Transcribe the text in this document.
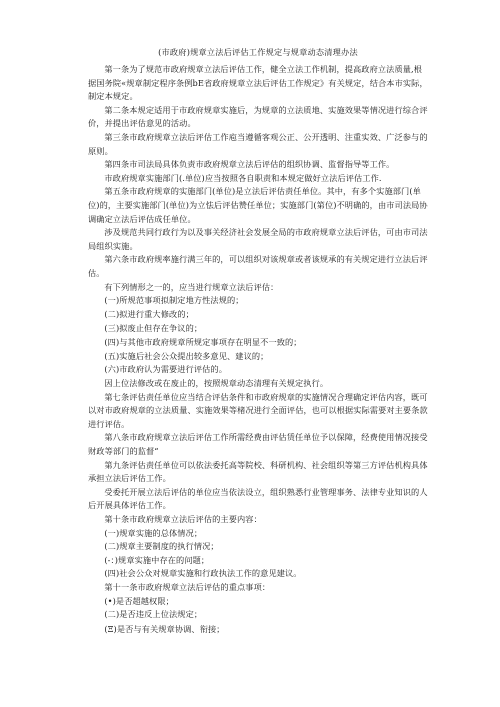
(市政府)规章立法后评估工作规定与规章动态清理办法

第一条为了规范市政府规章立法后评估工作，健全立法工作机制，提高政府立法质量,根据国务院«规章制定程序条例bE省政府规章立法后评估工作规定》有关规定，结合本市实际，制定本规定。

第二条本规定适用于市政府规章实施后，为规章的立法质地、实施效果等情况进行综合评价，并提出评估意见的活动。

第三条市政府规章立法后评估工作庖当遵循客观公正、公开透明、注重实效、广泛参与的原则。

第四条市司法局具体负责市政府规章立法后评估的组织协调、监督指导等工作。

市政府规章实施部门(.单位)应当按照各自职责和本规定做好立法后评估工作.

第五条市政府规章的实施部门(单位)是立法后评估责任单位。其中，有多个实施部门(单位)的，主要实施部门(单位)为立怯后评估赞任单位；实施部门(第位)不明确的，由市司法局协调确定立法后评估成任单位。

涉及规范共同行政行为以及事关经济社会发展全局的市政府规章立法后评估，可由市司法局组织实施。

第六条市政府规率施行满三年的，可以组织对该规章或者该规承的有关规定进行立法后评估。

有下列情形之一的，应当进行规章立法后评估：

(一)所规范事项拟制定地方性法规的；

(二)拟进行重大修改的；

(三)拟废止但存在争议的；

(四)与其他市政府规章所规定事项存在明显不一致的；

(五)实施后社会公众提出较多意见、建议的；

(六)市政府认为需要进行评估的。

因上位法修改或在废止的，按照规章动态清理有关规定执行。

第七条评估责任单位应当结合评估条件和市政府规章的实施情况合理确定评估内容，既可以对市政府规章的立法质量、实施效果等楮况进行全面评估，也可以根据实际需要对主要条款进行评估。

第八条市政府规章立法后评估工作所需经费由评估赁任单位予以保障，经费使用情况接受财政等部门的监督“

第九条评估责任单位可以依法委托高等院校、科研机构、社会组织等第三方评估机构具体承担立法后评估工作。

受委托开展立法后评估的单位应当依法设立，组织熟悉行业管理事务、法律专业知识的人后开展具体评估工作。

第十条市政府规章立法后评估的主要内容：

(一)规章实施的总体情况；

(二)规章主要制度的执行情况；

(-：)规章实施中存在的问题；

(四)社会公众对规章实施和行政执法工作的意见建议。

第十一条市政府规章立法后评估的重点事项：

(•)是否超越权限；

(二)是否违反上位法规定；

(Ξ)是否与有关规章协调、衔接；
